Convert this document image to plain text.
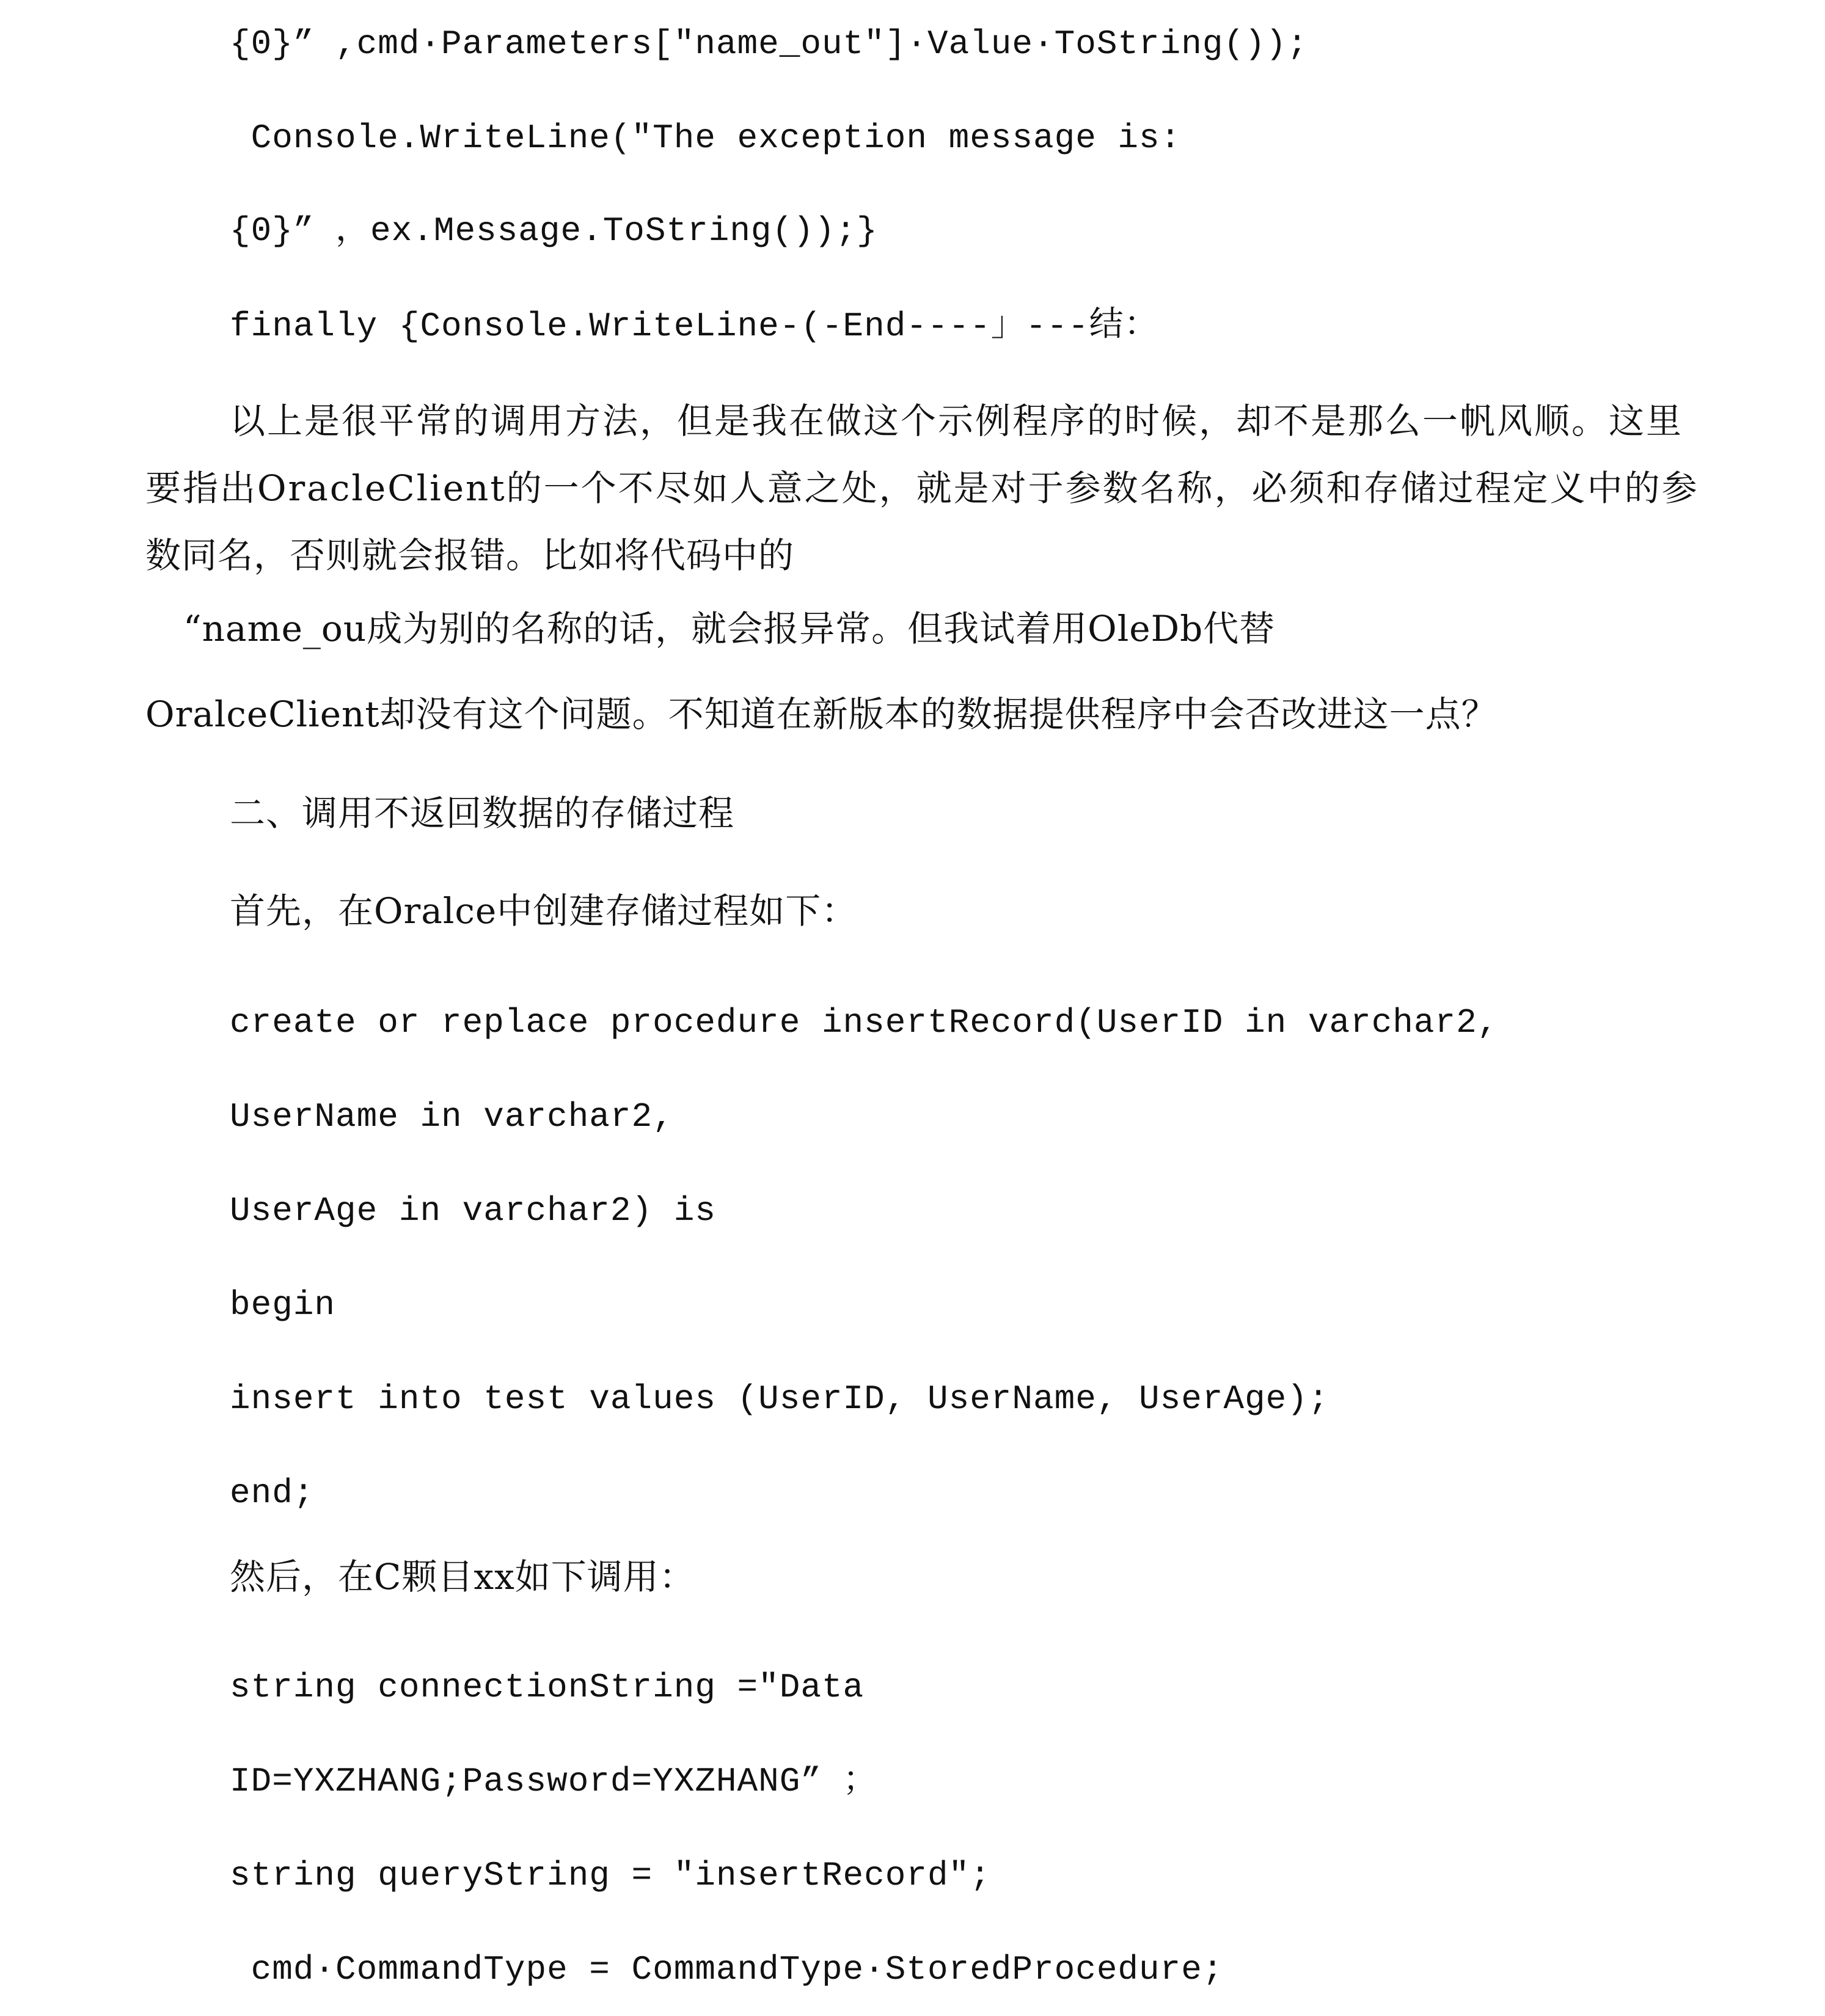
{0}” ,cmd·Parameters["name_out"]·Value·ToString());
Console.WriteLine("The exception message is:
{0}” ，ex.Message.ToString());}
finally {Console.WriteLine-(-End----」---结：
以上是很平常的调用方法，但是我在做这个示例程序的时候，却不是那么一帆风顺。这里
要指出OracleClient的一个不尽如人意之处，就是对于参数名称，必须和存储过程定义中的参
数同名，否则就会报错。比如将代码中的
“name_ou成为别的名称的话，就会报异常。但我试着用OleDb代替
OralceClient却没有这个问题。不知道在新版本的数据提供程序中会否改进这一点？
二、调用不返回数据的存储过程
首先，在Oralce中创建存储过程如下：
create or replace procedure insertRecord(UserID in varchar2,
UserName in varchar2,
UserAge in varchar2) is
begin
insert into test values (UserID, UserName, UserAge);
end;
然后，在C颗目xx如下调用：
string connectionString ="Data
ID=YXZHANG;Password=YXZHANG” ；
string queryString = "insertRecord";
cmd·CommandType = CommandType·StoredProcedure;
